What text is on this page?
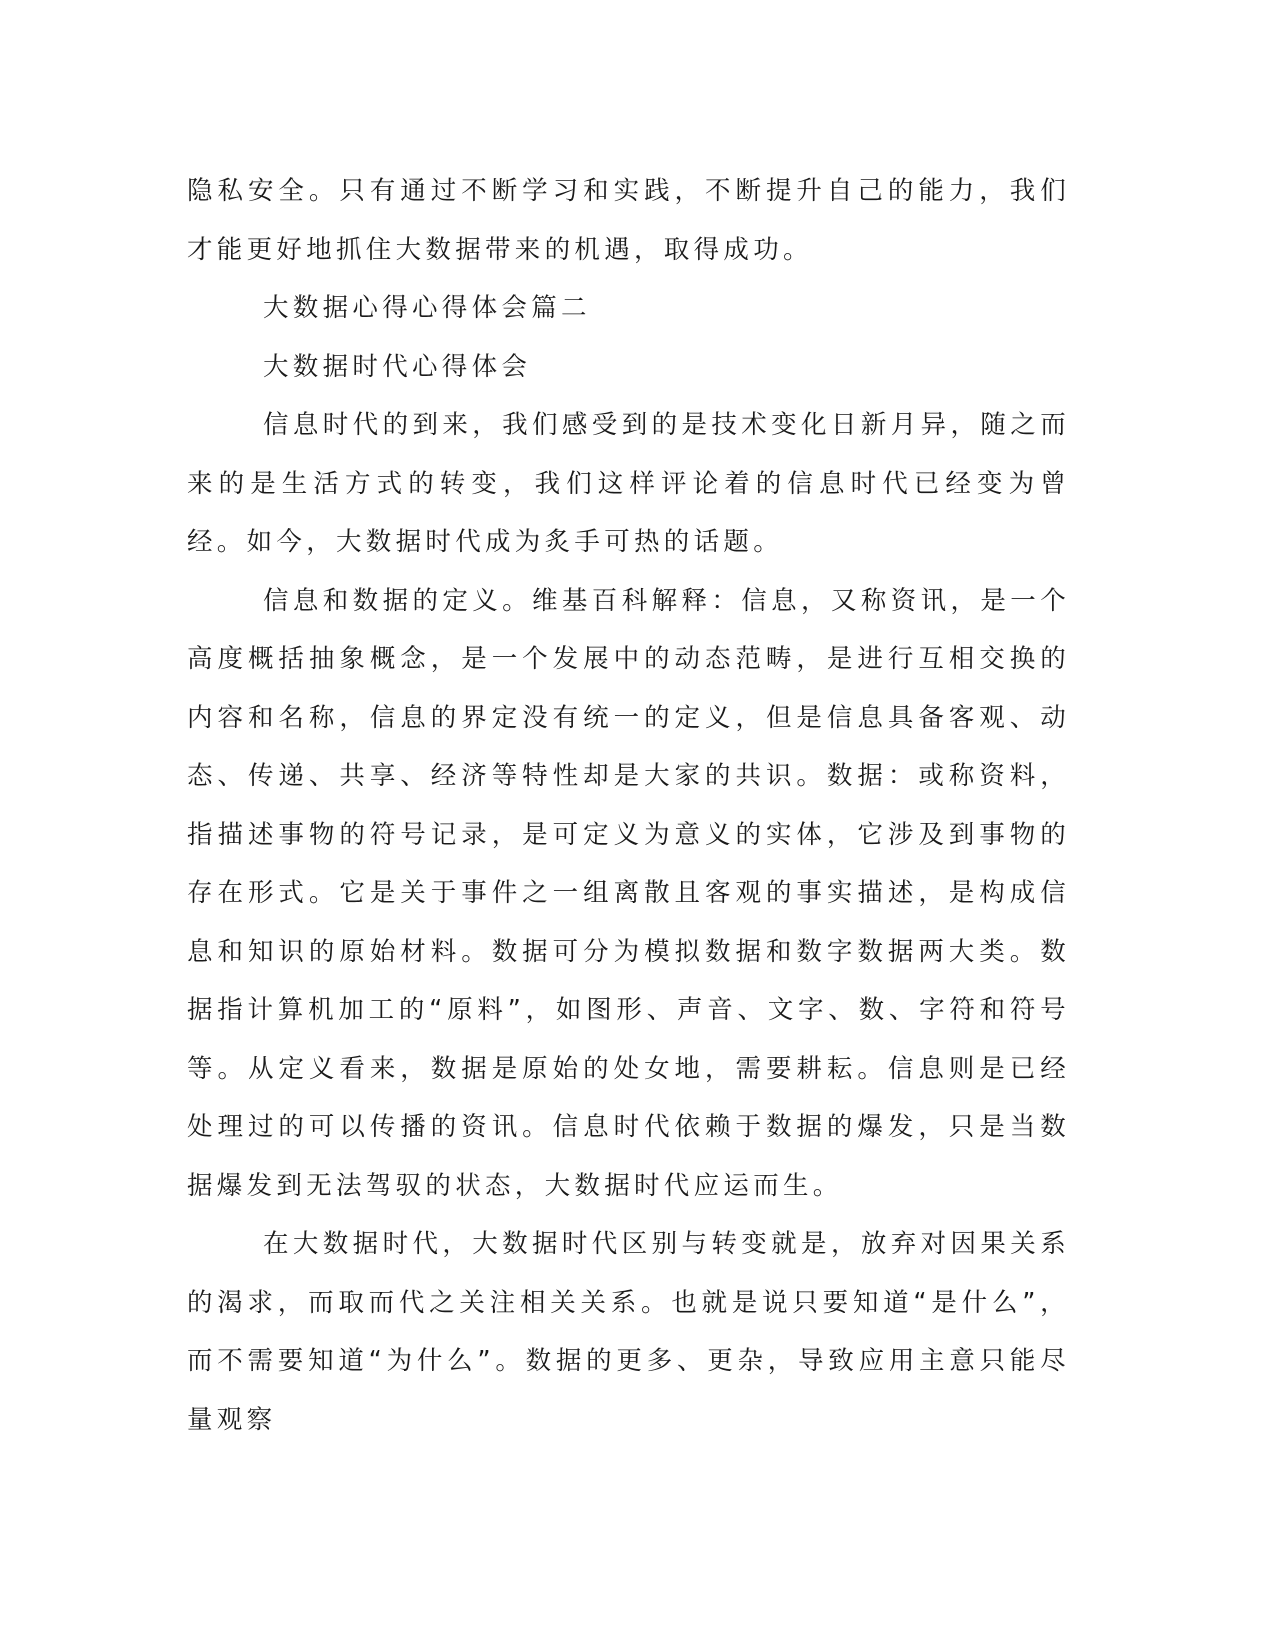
隐私安全。只有通过不断学习和实践，不断提升自己的能力，我们才能更好地抓住大数据带来的机遇，取得成功。

大数据心得心得体会篇二

大数据时代心得体会

信息时代的到来，我们感受到的是技术变化日新月异，随之而来的是生活方式的转变，我们这样评论着的信息时代已经变为曾经。如今，大数据时代成为炙手可热的话题。

信息和数据的定义。维基百科解释：信息，又称资讯，是一个高度概括抽象概念，是一个发展中的动态范畴，是进行互相交换的内容和名称，信息的界定没有统一的定义，但是信息具备客观、动态、传递、共享、经济等特性却是大家的共识。数据：或称资料，指描述事物的符号记录，是可定义为意义的实体，它涉及到事物的存在形式。它是关于事件之一组离散且客观的事实描述，是构成信息和知识的原始材料。数据可分为模拟数据和数字数据两大类。数据指计算机加工的“原料”，如图形、声音、文字、数、字符和符号等。从定义看来，数据是原始的处女地，需要耕耘。信息则是已经处理过的可以传播的资讯。信息时代依赖于数据的爆发，只是当数据爆发到无法驾驭的状态，大数据时代应运而生。

在大数据时代，大数据时代区别与转变就是，放弃对因果关系的渴求，而取而代之关注相关关系。也就是说只要知道“是什么”，而不需要知道“为什么”。数据的更多、更杂，导致应用主意只能尽量观察
